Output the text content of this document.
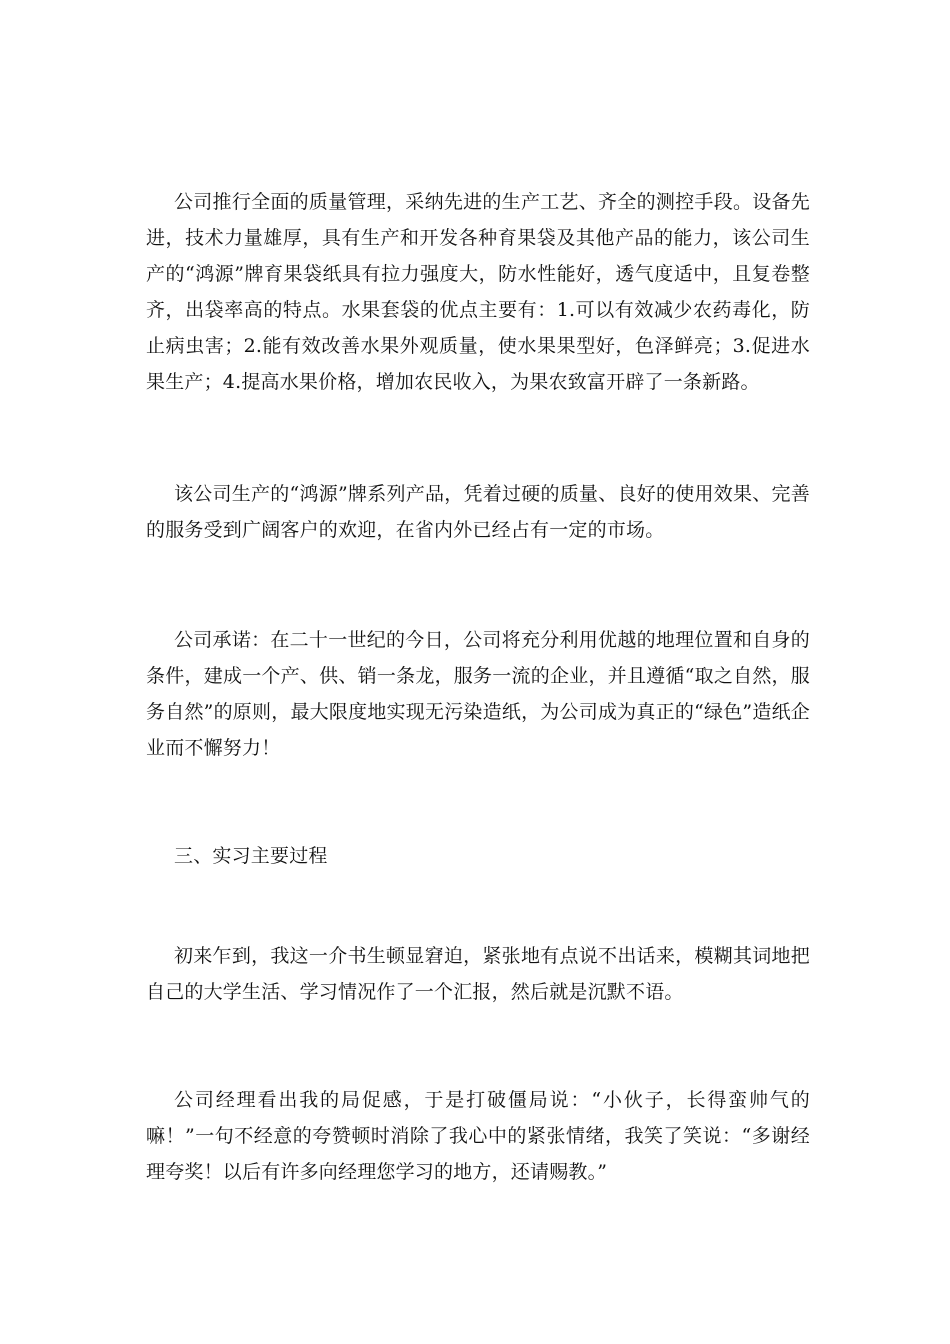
公司推行全面的质量管理，采纳先进的生产工艺、齐全的测控手段。设备先进，技术力量雄厚，具有生产和开发各种育果袋及其他产品的能力，该公司生产的“鸿源”牌育果袋纸具有拉力强度大，防水性能好，透气度适中，且复卷整齐，出袋率高的特点。水果套袋的优点主要有：1.可以有效减少农药毒化，防止病虫害；2.能有效改善水果外观质量，使水果果型好，色泽鲜亮；3.促进水果生产；4.提高水果价格，增加农民收入，为果农致富开辟了一条新路。

该公司生产的“鸿源”牌系列产品，凭着过硬的质量、良好的使用效果、完善的服务受到广阔客户的欢迎，在省内外已经占有一定的市场。

公司承诺：在二十一世纪的今日，公司将充分利用优越的地理位置和自身的条件，建成一个产、供、销一条龙，服务一流的企业，并且遵循“取之自然，服务自然”的原则，最大限度地实现无污染造纸，为公司成为真正的“绿色”造纸企业而不懈努力！

三、实习主要过程

初来乍到，我这一介书生顿显窘迫，紧张地有点说不出话来，模糊其词地把自己的大学生活、学习情况作了一个汇报，然后就是沉默不语。

公司经理看出我的局促感，于是打破僵局说：“小伙子，长得蛮帅气的嘛！”一句不经意的夸赞顿时消除了我心中的紧张情绪，我笑了笑说：“多谢经理夸奖！以后有许多向经理您学习的地方，还请赐教。”
